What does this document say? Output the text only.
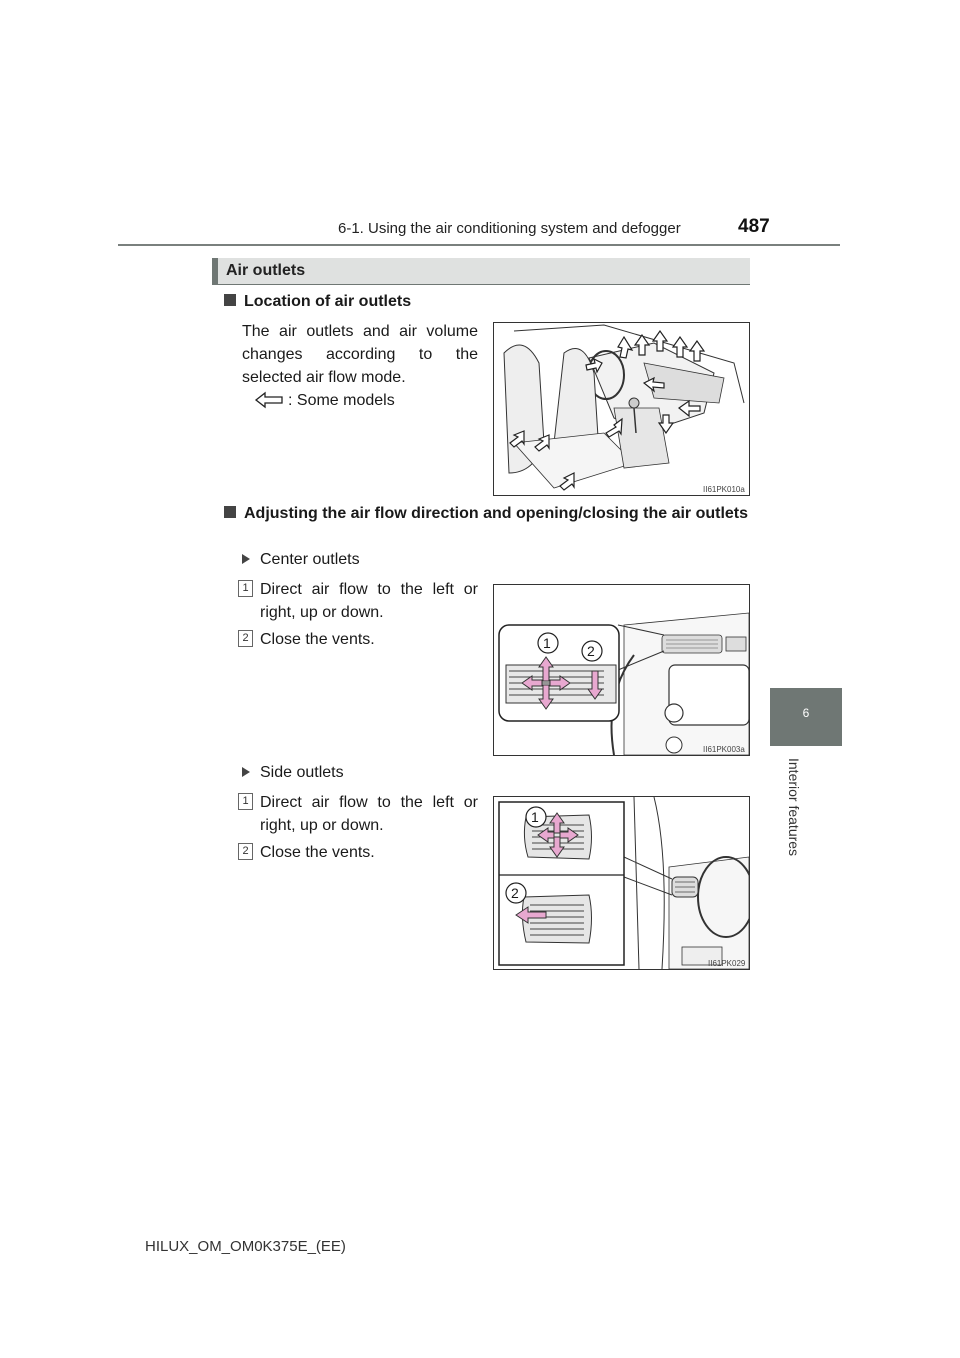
6-1. Using the air conditioning system and defogger	487
6
Interior features
Air outlets
Location of air outlets
The air outlets and air volume changes according to the selected air flow mode.
: Some models
II61PK010a
Adjusting the air flow direction and opening/closing the air outlets
Center outlets
1 Direct air flow to the left or right, up or down.
2 Close the vents.	1	2
II61PK003a
Side outlets
1 Direct air flow to the left or right, up or down.
2 Close the vents.
1
2
II61PK029
HILUX_OM_OM0K375E_(EE)
